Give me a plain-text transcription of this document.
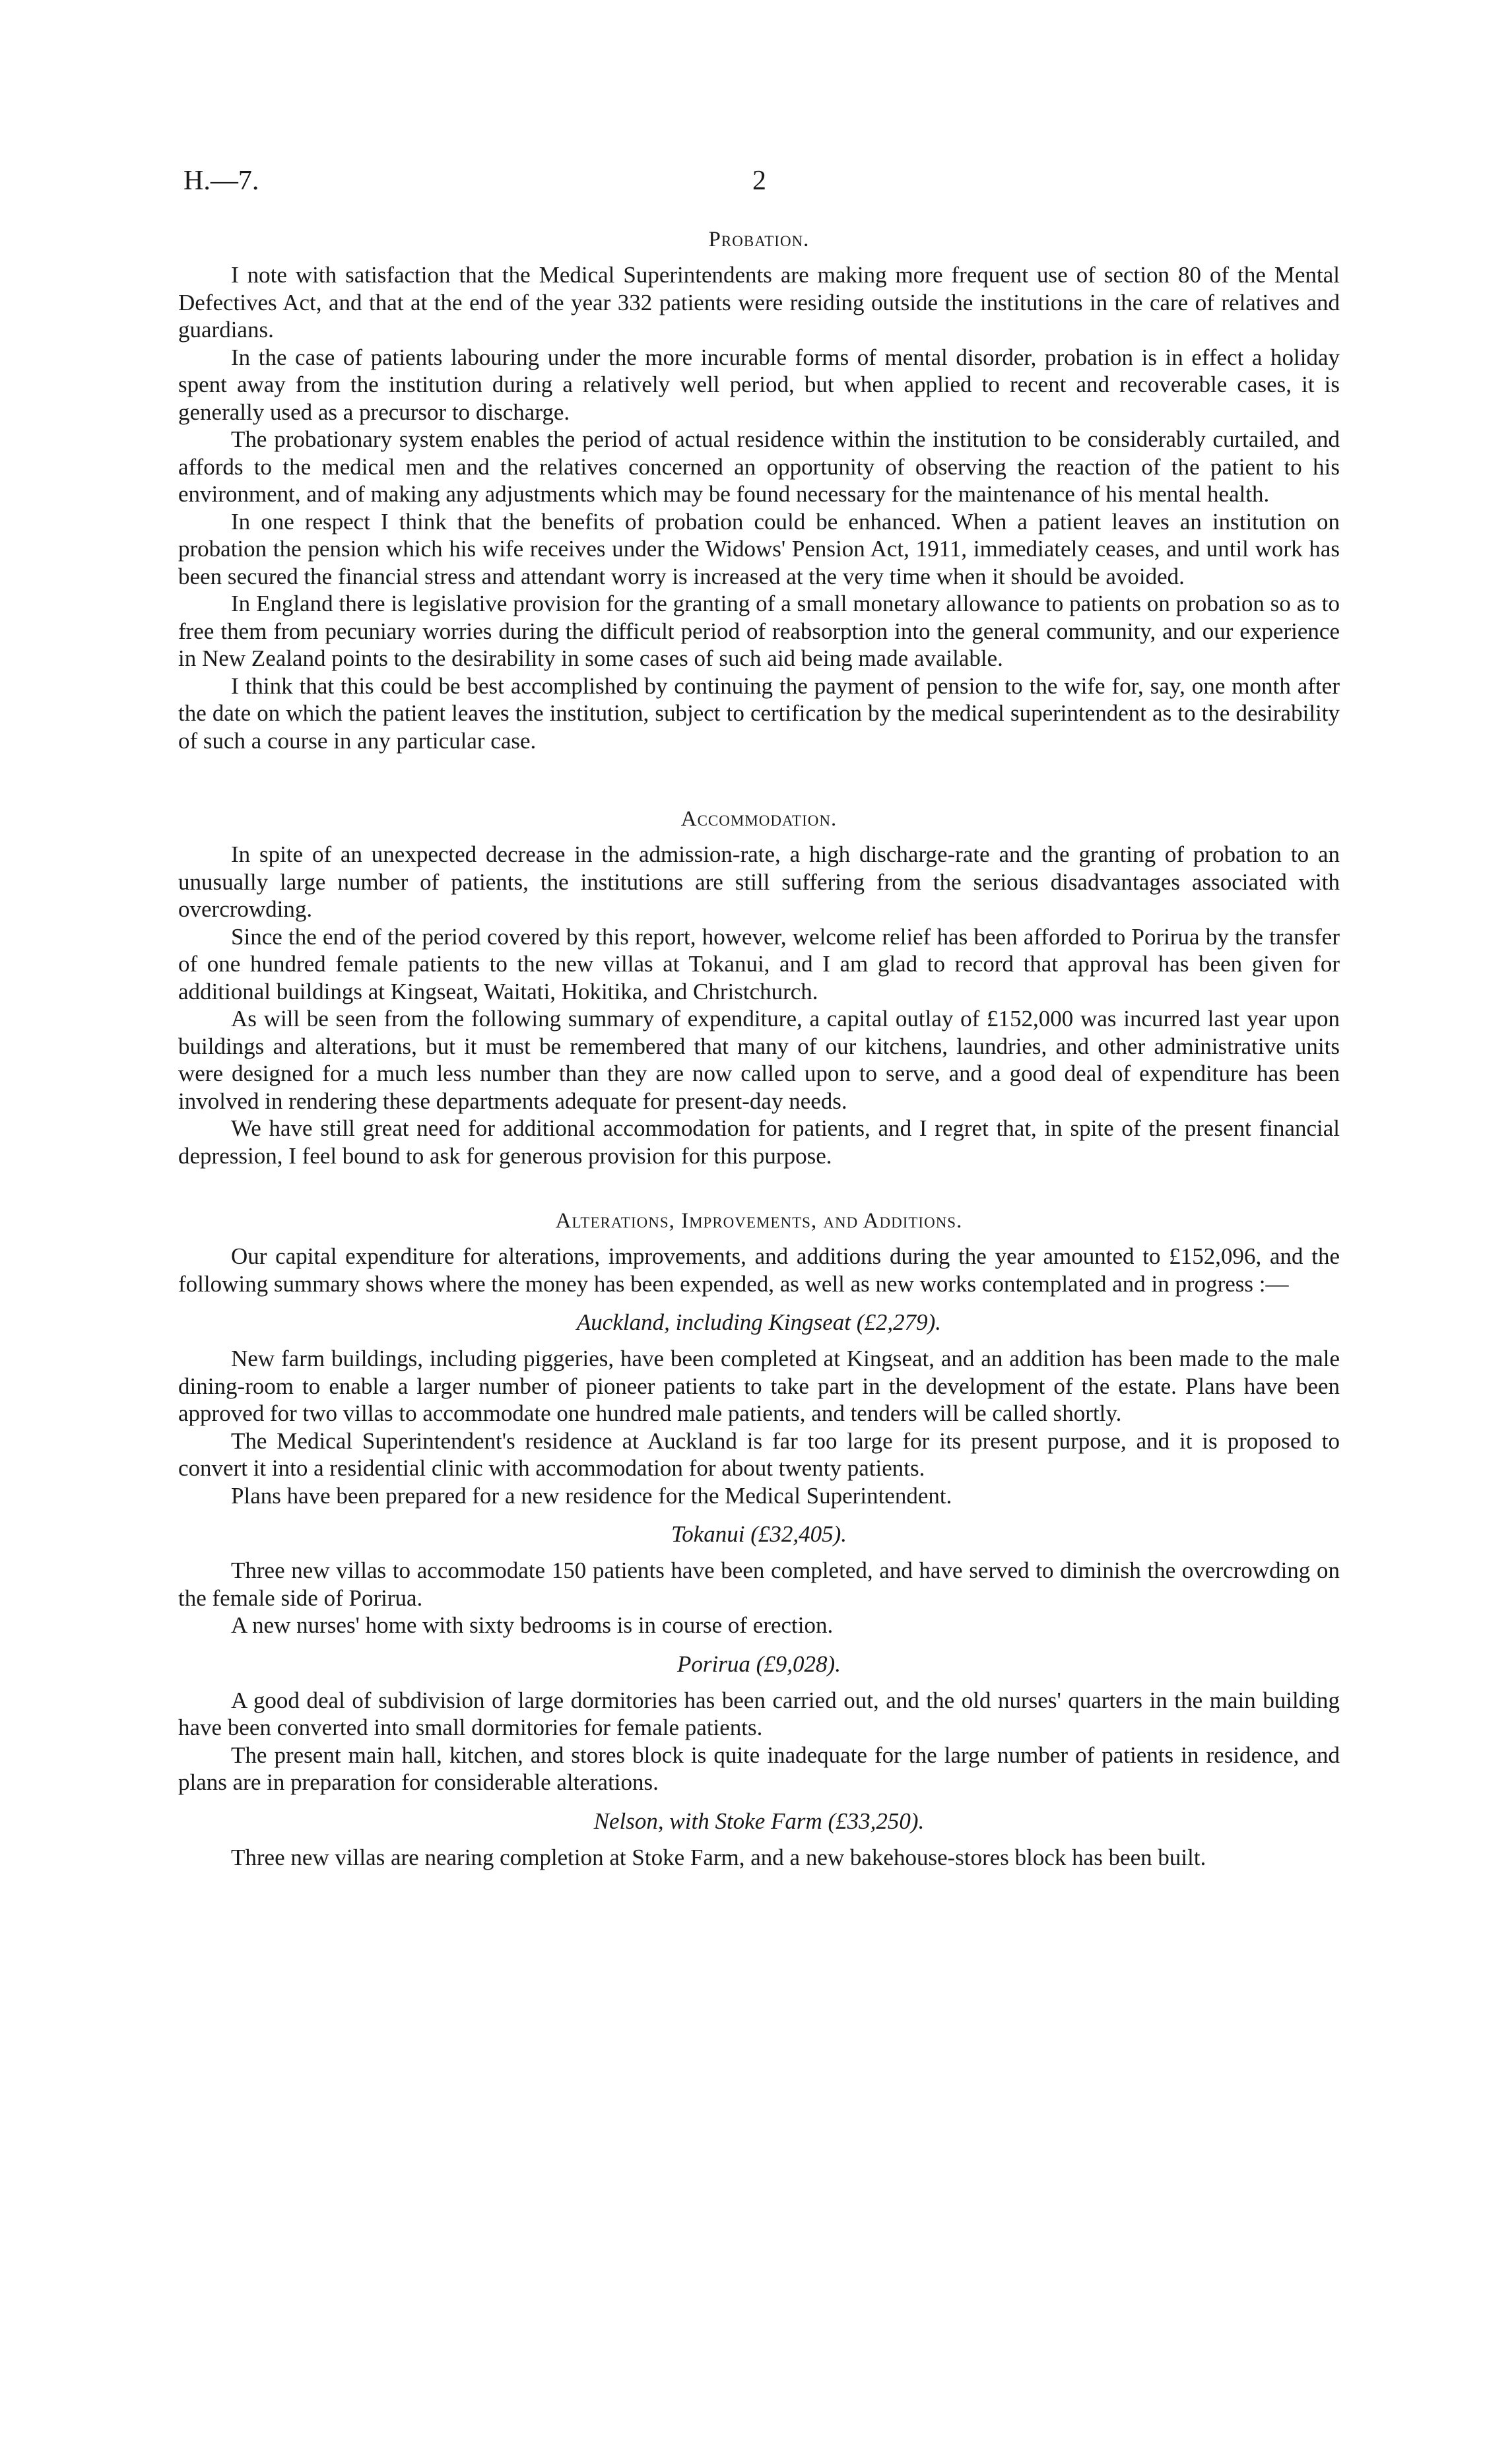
H.—7.	2
Probation.

I note with satisfaction that the Medical Superintendents are making more frequent use of section 80 of the Mental Defectives Act, and that at the end of the year 332 patients were residing outside the institutions in the care of relatives and guardians.

In the case of patients labouring under the more incurable forms of mental disorder, probation is in effect a holiday spent away from the institution during a relatively well period, but when applied to recent and recoverable cases, it is generally used as a precursor to discharge.

The probationary system enables the period of actual residence within the institution to be considerably curtailed, and affords to the medical men and the relatives concerned an opportunity of observing the reaction of the patient to his environment, and of making any adjustments which may be found necessary for the maintenance of his mental health.

In one respect I think that the benefits of probation could be enhanced. When a patient leaves an institution on probation the pension which his wife receives under the Widows' Pension Act, 1911, immediately ceases, and until work has been secured the financial stress and attendant worry is increased at the very time when it should be avoided.

In England there is legislative provision for the granting of a small monetary allowance to patients on probation so as to free them from pecuniary worries during the difficult period of reabsorption into the general community, and our experience in New Zealand points to the desirability in some cases of such aid being made available.

I think that this could be best accomplished by continuing the payment of pension to the wife for, say, one month after the date on which the patient leaves the institution, subject to certification by the medical superintendent as to the desirability of such a course in any particular case.

Accommodation.

In spite of an unexpected decrease in the admission-rate, a high discharge-rate and the granting of probation to an unusually large number of patients, the institutions are still suffering from the serious disadvantages associated with overcrowding.

Since the end of the period covered by this report, however, welcome relief has been afforded to Porirua by the transfer of one hundred female patients to the new villas at Tokanui, and I am glad to record that approval has been given for additional buildings at Kingseat, Waitati, Hokitika, and Christchurch.

As will be seen from the following summary of expenditure, a capital outlay of £152,000 was incurred last year upon buildings and alterations, but it must be remembered that many of our kitchens, laundries, and other administrative units were designed for a much less number than they are now called upon to serve, and a good deal of expenditure has been involved in rendering these departments adequate for present-day needs.

We have still great need for additional accommodation for patients, and I regret that, in spite of the present financial depression, I feel bound to ask for generous provision for this purpose.

Alterations, Improvements, and Additions.

Our capital expenditure for alterations, improvements, and additions during the year amounted to £152,096, and the following summary shows where the money has been expended, as well as new works contemplated and in progress :—

Auckland, including Kingseat (£2,279).

New farm buildings, including piggeries, have been completed at Kingseat, and an addition has been made to the male dining-room to enable a larger number of pioneer patients to take part in the development of the estate. Plans have been approved for two villas to accommodate one hundred male patients, and tenders will be called shortly.

The Medical Superintendent's residence at Auckland is far too large for its present purpose, and it is proposed to convert it into a residential clinic with accommodation for about twenty patients.

Plans have been prepared for a new residence for the Medical Superintendent.

Tokanui (£32,405).

Three new villas to accommodate 150 patients have been completed, and have served to diminish the overcrowding on the female side of Porirua.

A new nurses' home with sixty bedrooms is in course of erection.

Porirua (£9,028).

A good deal of subdivision of large dormitories has been carried out, and the old nurses' quarters in the main building have been converted into small dormitories for female patients.

The present main hall, kitchen, and stores block is quite inadequate for the large number of patients in residence, and plans are in preparation for considerable alterations.

Nelson, with Stoke Farm (£33,250).

Three new villas are nearing completion at Stoke Farm, and a new bakehouse-stores block has been built.
